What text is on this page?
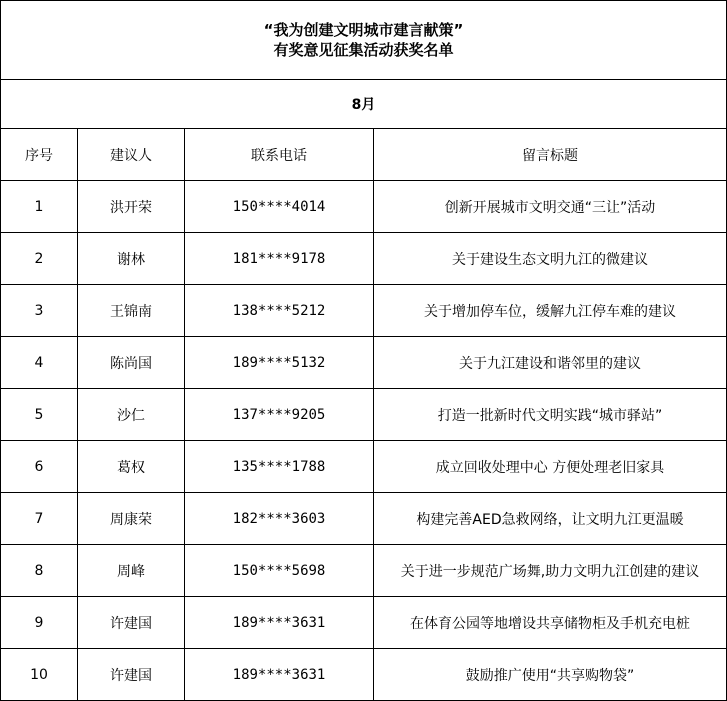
“我为创建文明城市建言献策”
有奖意见征集活动获奖名单			

8月			
序号	建议人	联系电话	留言标题
1	洪开荣	150****4014	创新开展城市文明交通“三让”活动
2	谢林	181****9178	关于建设生态文明九江的微建议
3	王锦南	138****5212	关于增加停车位，缓解九江停车难的建议
4	陈尚国	189****5132	关于九江建设和谐邻里的建议
5	沙仁	137****9205	打造一批新时代文明实践“城市驿站”
6	葛权	135****1788	成立回收处理中心 方便处理老旧家具
7	周康荣	182****3603	构建完善AED急救网络，让文明九江更温暖
8	周峰	150****5698	关于进一步规范广场舞,助力文明九江创建的建议
9	许建国	189****3631	在体育公园等地增设共享储物柜及手机充电桩
10	许建国	189****3631	鼓励推广使用“共享购物袋”
